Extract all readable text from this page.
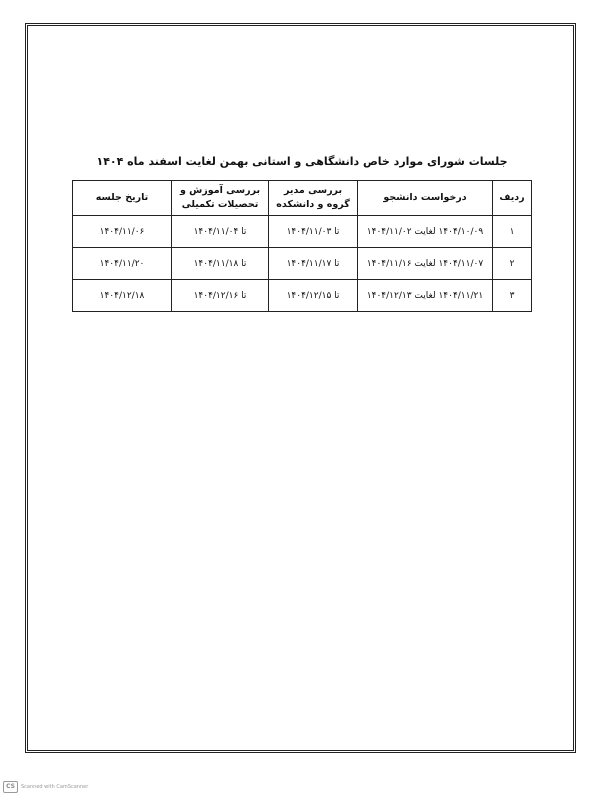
جلسات شورای موارد خاص دانشگاهی و استانی بهمن لغایت اسفند ماه ۱۴۰۴
ردیف	درخواست دانشجو	بررسی مدیر گروه و دانشکده	بررسی آموزش و تحصیلات تکمیلی	تاریخ جلسه
۱	۱۴۰۴/۱۰/۰۹ لغایت ۱۴۰۴/۱۱/۰۲	تا ۱۴۰۴/۱۱/۰۳	تا ۱۴۰۴/۱۱/۰۴	۱۴۰۴/۱۱/۰۶
۲	۱۴۰۴/۱۱/۰۷ لغایت ۱۴۰۴/۱۱/۱۶	تا ۱۴۰۴/۱۱/۱۷	تا ۱۴۰۴/۱۱/۱۸	۱۴۰۴/۱۱/۲۰
۳	۱۴۰۴/۱۱/۲۱ لغایت ۱۴۰۴/۱۲/۱۳	تا ۱۴۰۴/۱۲/۱۵	تا ۱۴۰۴/۱۲/۱۶	۱۴۰۴/۱۲/۱۸
CS	Scanned with CamScanner
